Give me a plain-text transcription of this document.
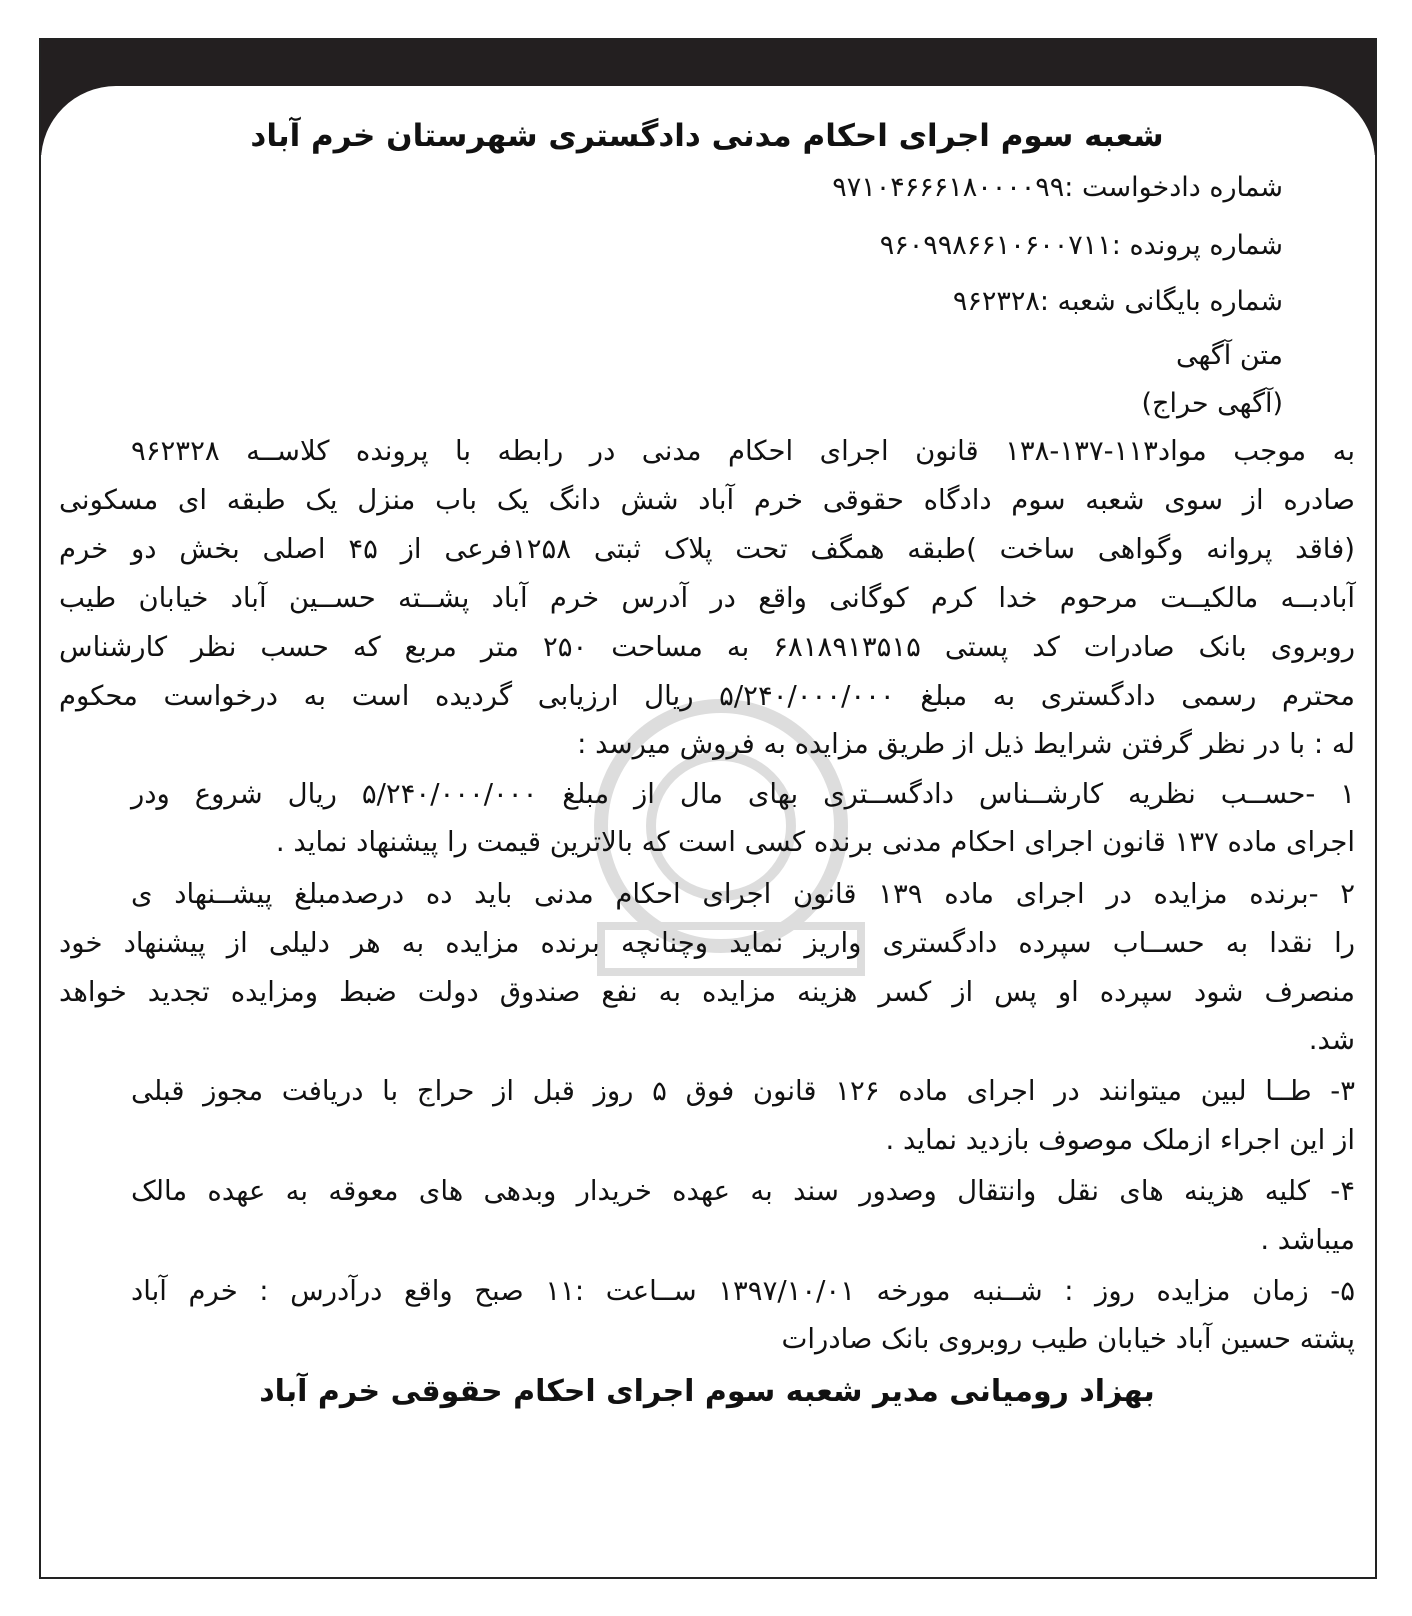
شعبه سوم اجرای احکام مدنی دادگستری شهرستان خرم آباد
شماره دادخواست :۹۷۱۰۴۶۶۶۱۸۰۰۰۰۹۹
شماره پرونده :۹۶۰۹۹۸۶۶۱۰۶۰۰۷۱۱
شماره بایگانی شعبه :۹۶۲۳۲۸
متن آگهی
(آگهی حراج)
به موجب مواد۱۱۳-۱۳۷-۱۳۸ قانون اجرای احکام مدنی در رابطه با پرونده کلاســه ۹۶۲۳۲۸
صادره از سوی شعبه سوم دادگاه حقوقی خرم آباد شش دانگ یک باب منزل یک طبقه ای مسکونی
(فاقد پروانه وگواهی ساخت )طبقه همگف تحت پلاک ثبتی ۱۲۵۸فرعی از ۴۵ اصلی بخش دو خرم
آبادبــه مالکیــت مرحوم خدا کرم کوگانی واقع در آدرس خرم آباد پشــته حســین آباد خیابان طیب
روبروی بانک صادرات کد پستی ۶۸۱۸۹۱۳۵۱۵ به مساحت ۲۵۰ متر مربع که حسب نظر کارشناس
محترم رسمی دادگستری به مبلغ ۵/۲۴۰/۰۰۰/۰۰۰ ریال ارزیابی گردیده است به درخواست محکوم
له : با در نظر گرفتن شرایط ذیل از طریق مزایده به فروش میرسد :
۱ -حســب نظریه کارشــناس دادگســتری بهای مال از مبلغ ۵/۲۴۰/۰۰۰/۰۰۰ ریال شروع ودر
اجرای ماده ۱۳۷ قانون اجرای احکام مدنی برنده کسی است که بالاترین قیمت را پیشنهاد نماید .
۲ -برنده مزایده در اجرای ماده ۱۳۹ قانون اجرای احکام مدنی باید ده درصدمبلغ پیشــنهاد ی
را نقدا به حســاب سپرده دادگستری واریز نماید وچنانچه برنده مزایده به هر دلیلی از پیشنهاد خود
منصرف شود سپرده او پس از کسر هزینه مزایده به نفع صندوق دولت ضبط ومزایده تجدید خواهد
شد.
۳- طــا لبین میتوانند در اجرای ماده ۱۲۶ قانون فوق ۵ روز قبل از حراج با دریافت مجوز قبلی
از این اجراء ازملک موصوف بازدید نماید .
۴- کلیه هزینه های نقل وانتقال وصدور سند به عهده خریدار وبدهی های معوقه به عهده مالک
میباشد .
۵- زمان مزایده روز : شــنبه مورخه ۱۳۹۷/۱۰/۰۱ ســاعت :۱۱ صبح واقع درآدرس : خرم آباد
پشته حسین آباد خیابان طیب روبروی بانک صادرات
بهزاد رومیانی مدیر شعبه سوم اجرای احکام حقوقی خرم آباد
